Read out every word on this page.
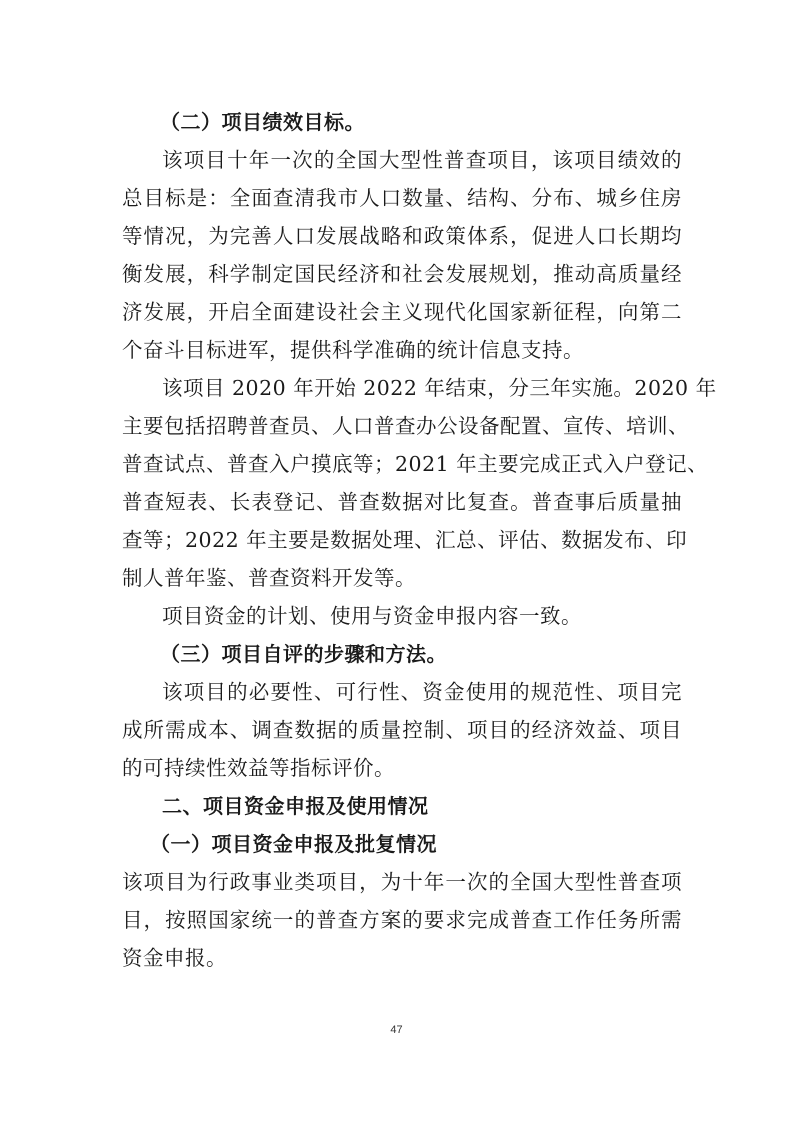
（二）项目绩效目标。
该项目十年一次的全国大型性普查项目，该项目绩效的
总目标是：全面查清我市人口数量、结构、分布、城乡住房
等情况，为完善人口发展战略和政策体系，促进人口长期均
衡发展，科学制定国民经济和社会发展规划，推动高质量经
济发展，开启全面建设社会主义现代化国家新征程，向第二
个奋斗目标进军，提供科学准确的统计信息支持。
该项目 2020 年开始 2022 年结束，分三年实施。2020 年
主要包括招聘普查员、人口普查办公设备配置、宣传、培训、
普查试点、普查入户摸底等；2021 年主要完成正式入户登记、
普查短表、长表登记、普查数据对比复查。普查事后质量抽
查等；2022 年主要是数据处理、汇总、评估、数据发布、印
制人普年鉴、普查资料开发等。
项目资金的计划、使用与资金申报内容一致。
（三）项目自评的步骤和方法。
该项目的必要性、可行性、资金使用的规范性、项目完
成所需成本、调查数据的质量控制、项目的经济效益、项目
的可持续性效益等指标评价。
二、项目资金申报及使用情况
（一）项目资金申报及批复情况
该项目为行政事业类项目，为十年一次的全国大型性普查项
目，按照国家统一的普查方案的要求完成普查工作任务所需
资金申报。
47
